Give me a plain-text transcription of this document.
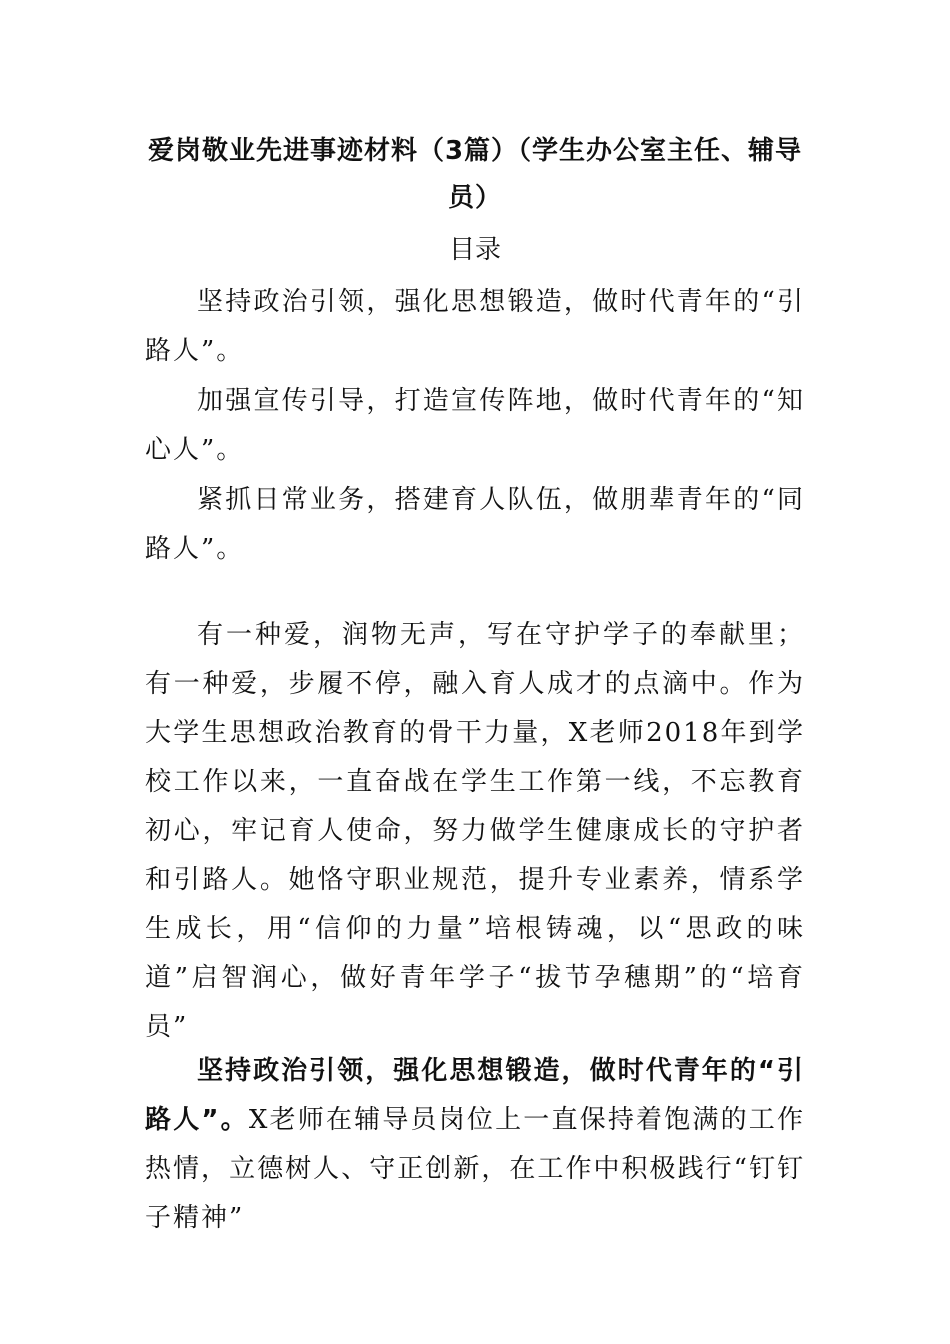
爱岗敬业先进事迹材料（3篇）（学生办公室主任、辅导员）
目录

坚持政治引领，强化思想锻造，做时代青年的“引路人”。

加强宣传引导，打造宣传阵地，做时代青年的“知心人”。

紧抓日常业务，搭建育人队伍，做朋辈青年的“同路人”。

有一种爱，润物无声，写在守护学子的奉献里；有一种爱，步履不停，融入育人成才的点滴中。作为大学生思想政治教育的骨干力量，X老师2018年到学校工作以来，一直奋战在学生工作第一线，不忘教育初心，牢记育人使命，努力做学生健康成长的守护者和引路人。她恪守职业规范，提升专业素养，情系学生成长，用“信仰的力量”培根铸魂，以“思政的味道”启智润心，做好青年学子“拔节孕穗期”的“培育员”

坚持政治引领，强化思想锻造，做时代青年的“引路人”。X老师在辅导员岗位上一直保持着饱满的工作热情，立德树人、守正创新，在工作中积极践行“钉钉子精神”
